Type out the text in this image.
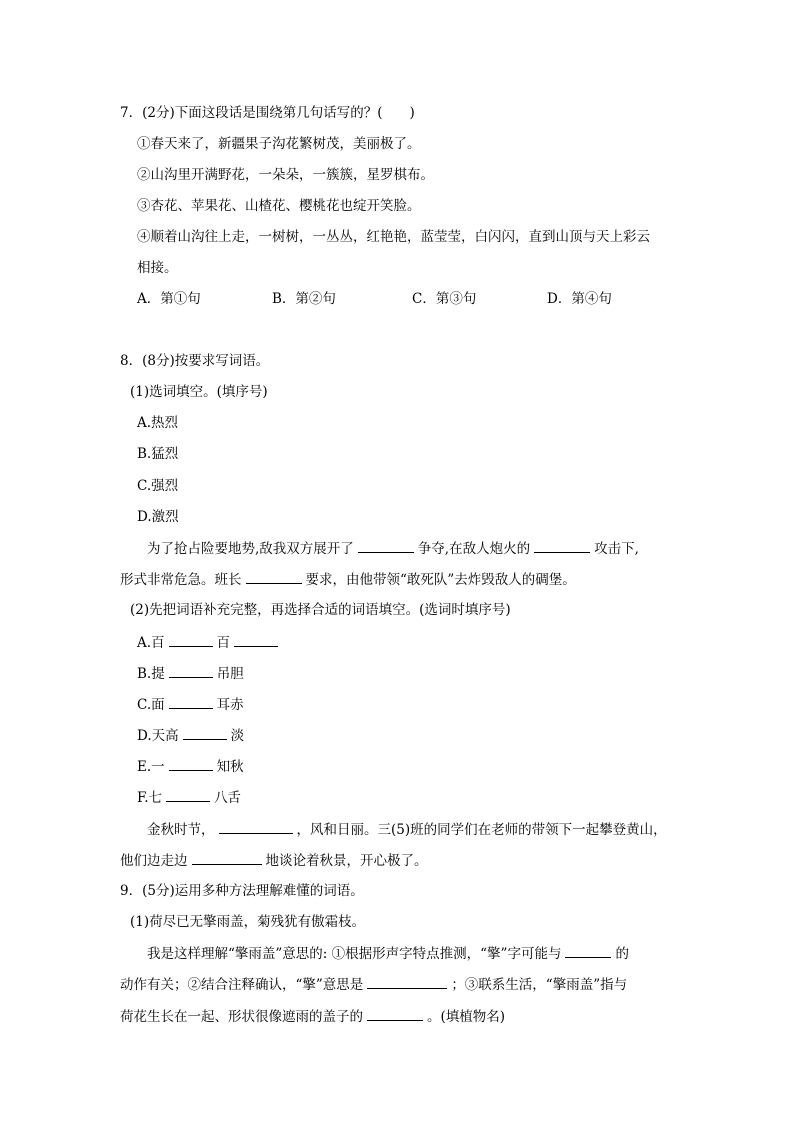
7．(2分)下面这段话是围绕第几句话写的？(　　)
①春天来了，新疆果子沟花繁树茂，美丽极了。
②山沟里开满野花，一朵朵，一簇簇，星罗棋布。
③杏花、苹果花、山楂花、樱桃花也绽开笑脸。
④顺着山沟往上走，一树树，一丛丛，红艳艳，蓝莹莹，白闪闪，直到山顶与天上彩云
相接。
A．第①句	B．第②句	C．第③句	D．第④句
8．(8分)按要求写词语。
(1)选词填空。(填序号)
A.热烈
B.猛烈
C.强烈
D.激烈
为了抢占险要地势,敌我双方展开了	争夺,在敌人炮火的	攻击下,
形式非常危急。班长	要求，由他带领“敢死队”去炸毁敌人的碉堡。
(2)先把词语补充完整，再选择合适的词语填空。(选词时填序号)
A.百	百
B.提	吊胆
C.面	耳赤
D.天高	淡
E.一	知秋
F.七	八舌
金秋时节，	，风和日丽。三(5)班的同学们在老师的带领下一起攀登黄山，
他们边走边	地谈论着秋景，开心极了。
9．(5分)运用多种方法理解难懂的词语。
(1)荷尽已无擎雨盖，菊残犹有傲霜枝。
我是这样理解“擎雨盖”意思的: ①根据形声字特点推测，“擎”字可能与	的
动作有关；②结合注释确认，“擎”意思是	；③联系生活，“擎雨盖”指与
荷花生长在一起、形状很像遮雨的盖子的	。(填植物名)
